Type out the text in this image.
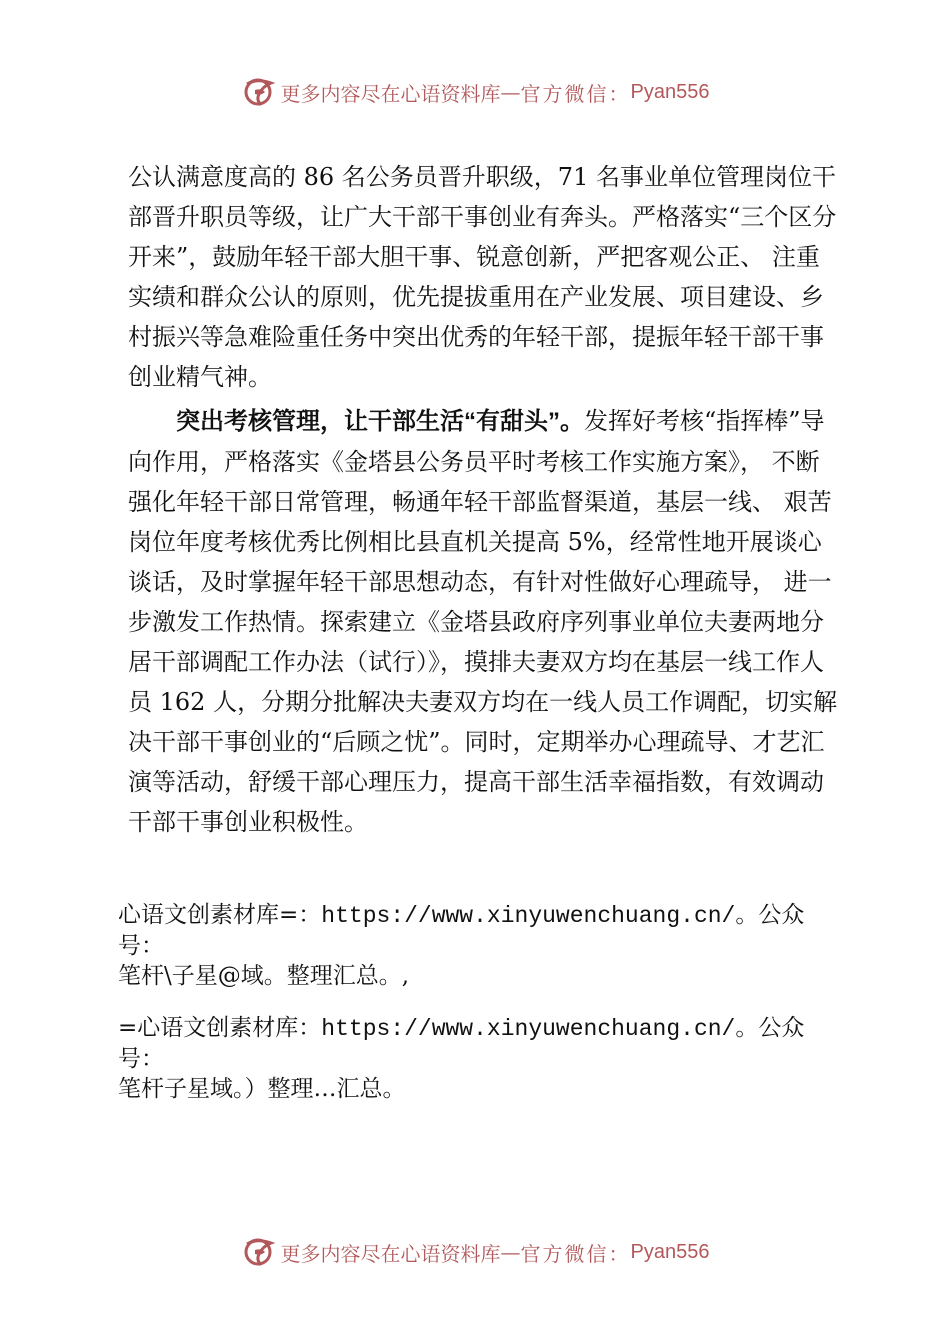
更多内容尽在心语资料库 — 官方微信： Pyan556

公认满意度高的 86 名公务员晋升职级，71 名事业单位管理岗位干部晋升职员等级，让广大干部干事创业有奔头。严格落实“三个区分开来”，鼓励年轻干部大胆干事、锐意创新，严把客观公正、 注重实绩和群众公认的原则，优先提拔重用在产业发展、项目建设、乡村振兴等急难险重任务中突出优秀的年轻干部，提振年轻干部干事创业精气神。

突出考核管理，让干部生活“有甜头”。发挥好考核“指挥棒”导向作用，严格落实《金塔县公务员平时考核工作实施方案》， 不断强化年轻干部日常管理，畅通年轻干部监督渠道，基层一线、 艰苦岗位年度考核优秀比例相比县直机关提高 5%，经常性地开展谈心谈话，及时掌握年轻干部思想动态，有针对性做好心理疏导， 进一步激发工作热情。探索建立《金塔县政府序列事业单位夫妻两地分居干部调配工作办法（试行）》，摸排夫妻双方均在基层一线工作人员 162 人，分期分批解决夫妻双方均在一线人员工作调配，切实解决干部干事创业的“后顾之忧”。同时，定期举办心理疏导、才艺汇演等活动，舒缓干部心理压力，提高干部生活幸福指数，有效调动干部干事创业积极性。

心语文创素材库=：https://www.xinyuwenchuang.cn/。公众号：
笔杆\子星@域。整理汇总。,
=心语文创素材库：https://www.xinyuwenchuang.cn/。公众号：
笔杆子星域。）整理…汇总。
更多内容尽在心语资料库 — 官方微信： Pyan556
